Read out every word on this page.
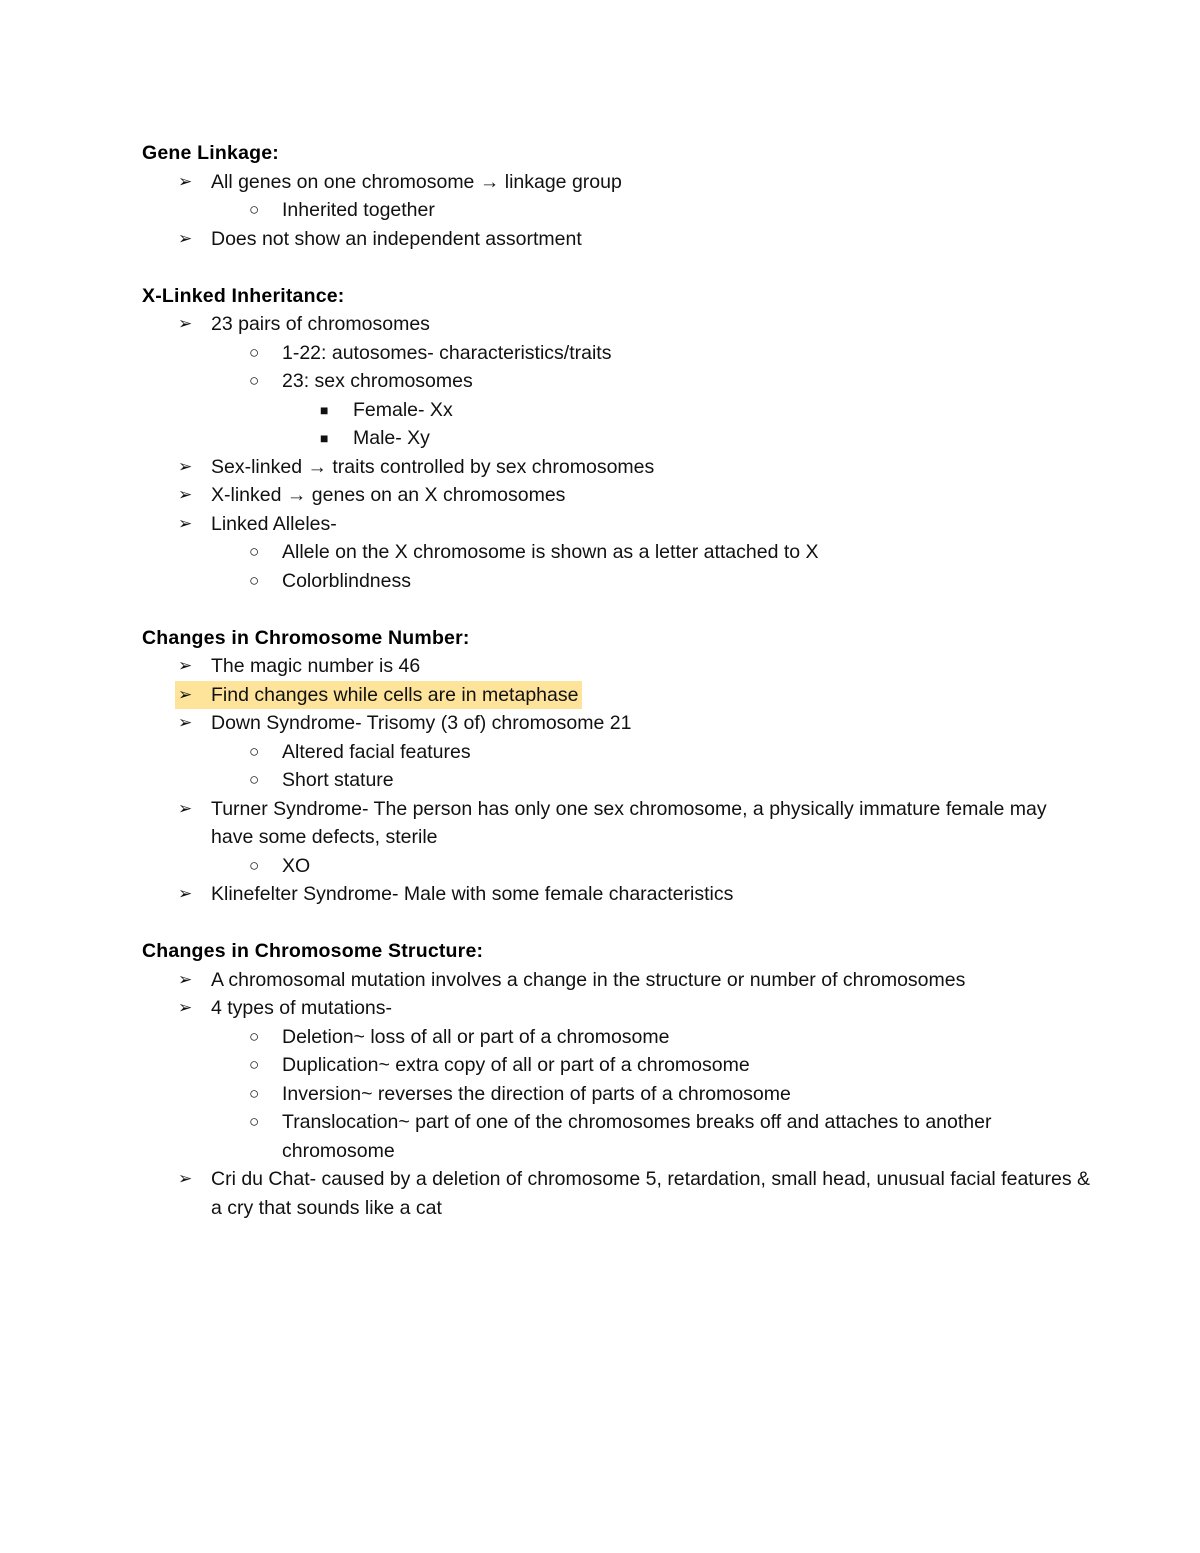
Gene Linkage:
➢ All genes on one chromosome → linkage group
○ Inherited together
➢ Does not show an independent assortment
X-Linked Inheritance:
➢ 23 pairs of chromosomes
○ 1-22: autosomes- characteristics/traits
○ 23: sex chromosomes
■ Female- Xx
■ Male- Xy
➢ Sex-linked → traits controlled by sex chromosomes
➢ X-linked → genes on an X chromosomes
➢ Linked Alleles-
○ Allele on the X chromosome is shown as a letter attached to X
○ Colorblindness
Changes in Chromosome Number:
➢ The magic number is 46
➢ Find changes while cells are in metaphase
➢ Down Syndrome- Trisomy (3 of) chromosome 21
○ Altered facial features
○ Short stature
➢ Turner Syndrome- The person has only one sex chromosome, a physically immature female may have some defects, sterile
○ XO
➢ Klinefelter Syndrome- Male with some female characteristics
Changes in Chromosome Structure:
➢ A chromosomal mutation involves a change in the structure or number of chromosomes
➢ 4 types of mutations-
○ Deletion~ loss of all or part of a chromosome
○ Duplication~ extra copy of all or part of a chromosome
○ Inversion~ reverses the direction of parts of a chromosome
○ Translocation~ part of one of the chromosomes breaks off and attaches to another chromosome
➢ Cri du Chat- caused by a deletion of chromosome 5, retardation, small head, unusual facial features & a cry that sounds like a cat
